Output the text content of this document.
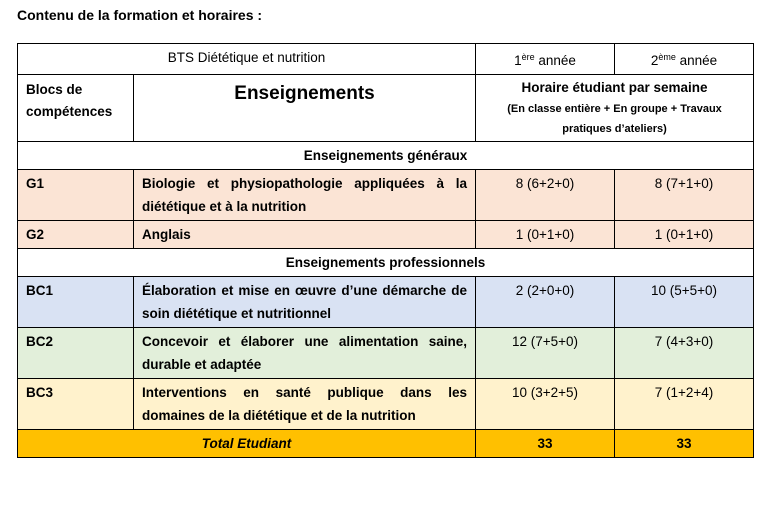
Contenu de la formation et horaires :
BTS Diététique et nutrition		1ère année	2ème année
Blocs de compétences	Enseignements	Horaire étudiant par semaine
(En classe entière + En groupe + Travaux pratiques d’ateliers)	

Enseignements généraux			
G1	Biologie et physiopathologie appliquées à la diététique et à la nutrition	8 (6+2+0)	8 (7+1+0)
G2	Anglais	1 (0+1+0)	1 (0+1+0)
Enseignements professionnels			
BC1	Élaboration et mise en œuvre d’une démarche de soin diététique et nutritionnel	2 (2+0+0)	10 (5+5+0)
BC2	Concevoir et élaborer une alimentation saine, durable et adaptée	12 (7+5+0)	7 (4+3+0)
BC3	Interventions en santé publique dans les domaines de la diététique et de la nutrition	10 (3+2+5)	7 (1+2+4)
Total Etudiant		33	33
